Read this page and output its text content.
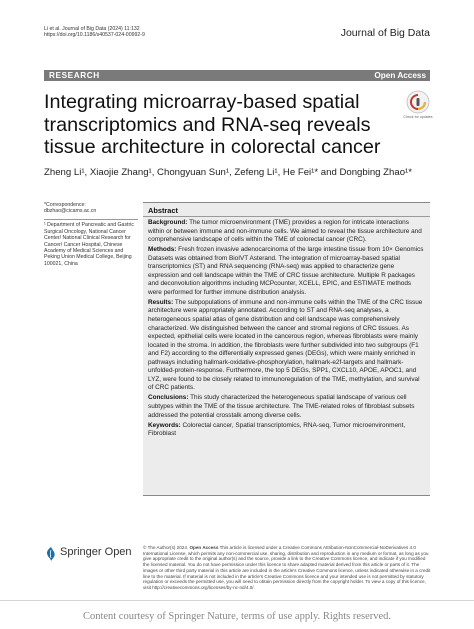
Li et al. Journal of Big Data (2024) 11:132
https://doi.org/10.1186/s40537-024-00992-9	Journal of Big Data
RESEARCH	Open Access
Integrating microarray-based spatial transcriptomics and RNA-seq reveals tissue architecture in colorectal cancer
Check for updates
Zheng Li¹, Xiaojie Zhang¹, Chongyuan Sun¹, Zefeng Li¹, He Fei¹* and Dongbing Zhao¹*
*Correspondence:
dbzhao@cicams.ac.cn
¹ Department of Pancreatic and Gastric Surgical Oncology, National Cancer Center/ National Clinical Research for Cancer/ Cancer Hospital, Chinese Academy of Medical Sciences and Peking Union Medical College, Beijing 100021, China
Abstract

Background: The tumor microenvironment (TME) provides a region for intricate interactions within or between immune and non-immune cells. We aimed to reveal the tissue architecture and comprehensive landscape of cells within the TME of colorectal cancer (CRC).

Methods: Fresh frozen invasive adenocarcinoma of the large intestine tissue from 10× Genomics Datasets was obtained from BioIVT Asterand. The integration of microarray-based spatial transcriptomics (ST) and RNA sequencing (RNA-seq) was applied to characterize gene expression and cell landscape within the TME of CRC tissue architecture. Multiple R packages and deconvolution algorithms including MCPcounter, XCELL, EPIC, and ESTIMATE methods were performed for further immune distribution analysis.

Results: The subpopulations of immune and non-immune cells within the TME of the CRC tissue architecture were appropriately annotated. According to ST and RNA-seq analyses, a heterogeneous spatial atlas of gene distribution and cell landscape was comprehensively characterized. We distinguished between the cancer and stromal regions of CRC tissues. As expected, epithelial cells were located in the cancerous region, whereas fibroblasts were mainly located in the stroma. In addition, the fibroblasts were further subdivided into two subgroups (F1 and F2) according to the differentially expressed genes (DEGs), which were mainly enriched in pathways including hallmark-oxidative-phosphorylation, hallmark-e2f-targets and hallmark-unfolded-protein-response. Furthermore, the top 5 DEGs, SPP1, CXCL10, APOE, APOC1, and LYZ, were found to be closely related to immunoregulation of the TME, methylation, and survival of CRC patients.

Conclusions: This study characterized the heterogeneous spatial landscape of various cell subtypes within the TME of the tissue architecture. The TME-related roles of fibroblast subsets addressed the potential crosstalk among diverse cells.

Keywords: Colorectal cancer, Spatial transcriptomics, RNA-seq, Tumor microenvironment, Fibroblast

Springer Open © The Author(s) 2024. Open Access This article is licensed under a Creative Commons Attribution-NonCommercial-NoDerivatives 4.0 International License, which permits any non-commercial use, sharing, distribution and reproduction in any medium or format, as long as you give appropriate credit to the original author(s) and the source, provide a link to the Creative Commons licence, and indicate if you modified the licensed material. You do not have permission under this licence to share adapted material derived from this article or parts of it. The images or other third party material in this article are included in the article's Creative Commons licence, unless indicated otherwise in a credit line to the material. If material is not included in the article's Creative Commons licence and your intended use is not permitted by statutory regulation or exceeds the permitted use, you will need to obtain permission directly from the copyright holder. To view a copy of this licence, visit http://creativecommons.org/licenses/by-nc-nd/4.0/.
Content courtesy of Springer Nature, terms of use apply. Rights reserved.
